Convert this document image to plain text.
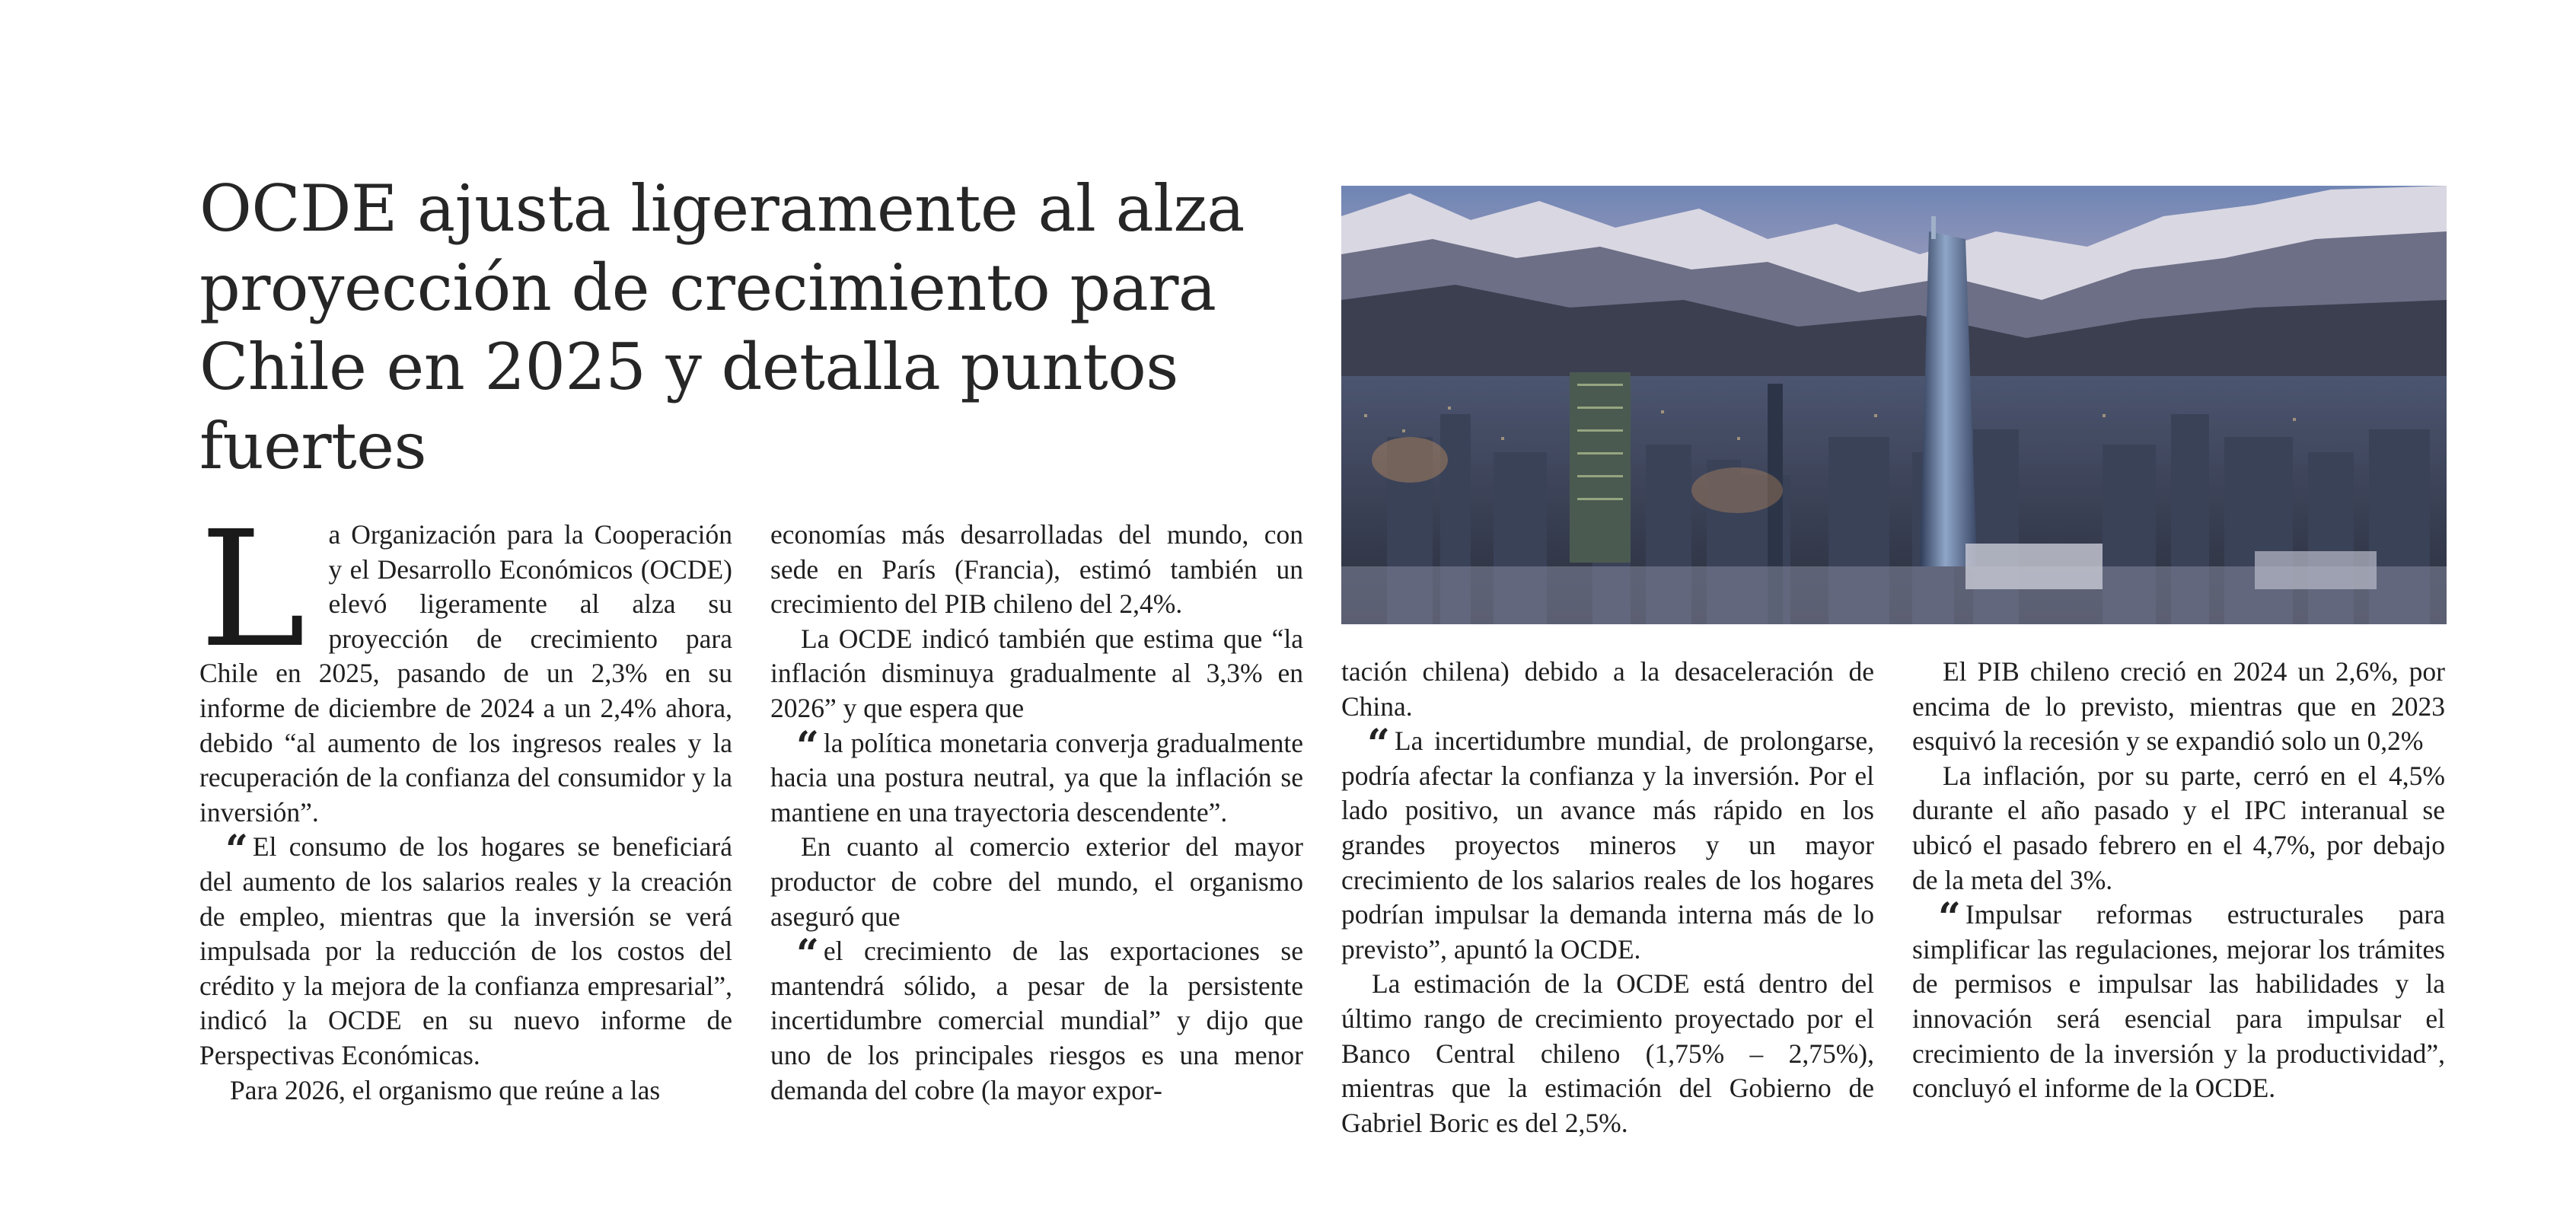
OCDE ajusta ligeramente al alza proyección de crecimiento para Chile en 2025 y detalla puntos fuertes

La Organización para la Cooperación y el Desarrollo Económicos (OCDE) elevó ligeramente al alza su proyección de crecimiento para Chile en 2025, pasando de un 2,3% en su informe de diciembre de 2024 a un 2,4% ahora, debido “al aumento de los ingresos reales y la recuperación de la confianza del consumidor y la inversión”.

“ El consumo de los hogares se beneficiará del aumento de los salarios reales y la creación de empleo, mientras que la inversión se verá impulsada por la reducción de los costos del crédito y la mejora de la confianza empresarial”, indicó la OCDE en su nuevo informe de Perspectivas Económicas.

Para 2026, el organismo que reúne a las

economías más desarrolladas del mundo, con sede en París (Francia), estimó también un crecimiento del PIB chileno del 2,4%.

La OCDE indicó también que estima que “la inflación disminuya gradualmente al 3,3% en 2026” y que espera que

“ la política monetaria converja gradualmente hacia una postura neutral, ya que la inflación se mantiene en una trayectoria descendente”.

En cuanto al comercio exterior del mayor productor de cobre del mundo, el organismo aseguró que

“ el crecimiento de las exportaciones se mantendrá sólido, a pesar de la persistente incertidumbre comercial mundial” y dijo que uno de los principales riesgos es una menor demanda del cobre (la mayor expor-

tación chilena) debido a la desaceleración de China.

“ La incertidumbre mundial, de prolongarse, podría afectar la confianza y la inversión. Por el lado positivo, un avance más rápido en los grandes proyectos mineros y un mayor crecimiento de los salarios reales de los hogares podrían impulsar la demanda interna más de lo previsto”, apuntó la OCDE.

La estimación de la OCDE está dentro del último rango de crecimiento proyectado por el Banco Central chileno (1,75% – 2,75%), mientras que la estimación del Gobierno de Gabriel Boric es del 2,5%.

El PIB chileno creció en 2024 un 2,6%, por encima de lo previsto, mientras que en 2023 esquivó la recesión y se expandió solo un 0,2%

La inflación, por su parte, cerró en el 4,5% durante el año pasado y el IPC interanual se ubicó el pasado febrero en el 4,7%, por debajo de la meta del 3%.

“ Impulsar reformas estructurales para simplificar las regulaciones, mejorar los trámites de permisos e impulsar las habilidades y la innovación será esencial para impulsar el crecimiento de la inversión y la productividad”, concluyó el informe de la OCDE.
